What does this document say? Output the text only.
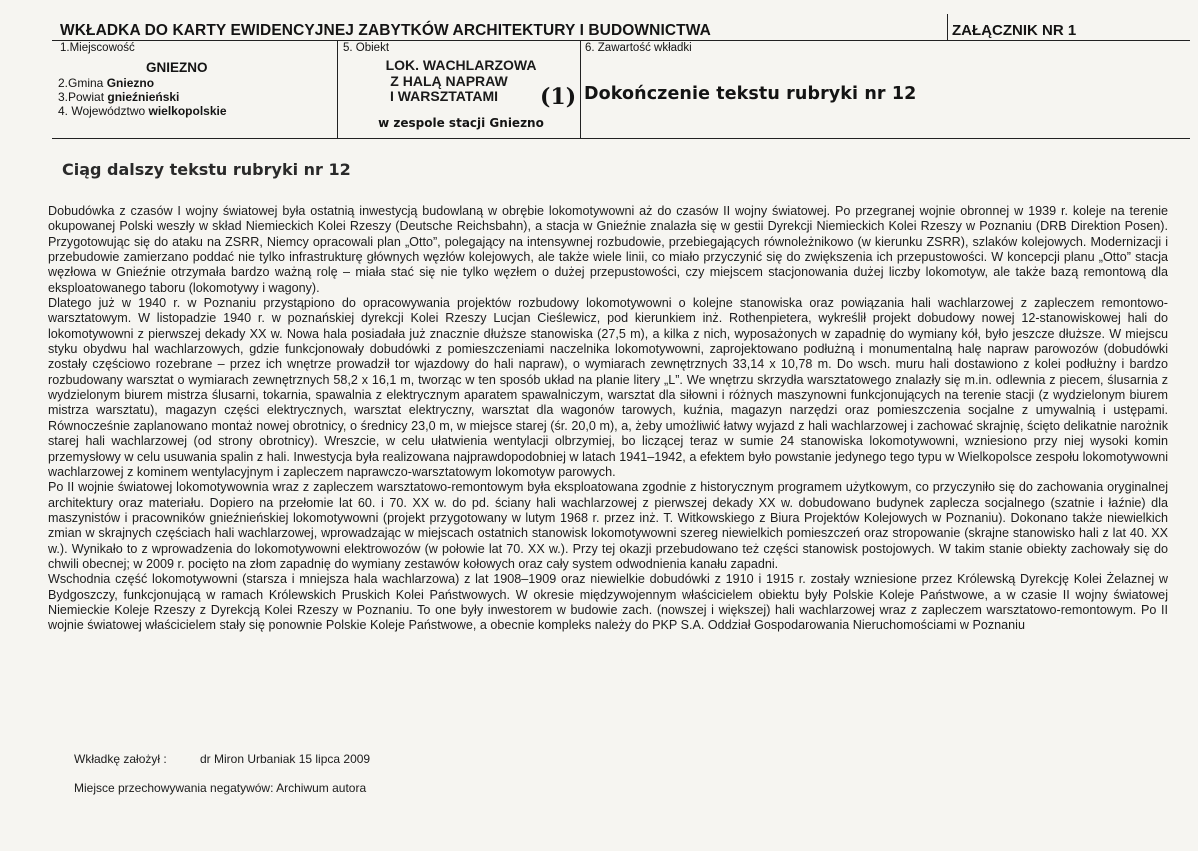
WKŁADKA DO KARTY EWIDENCYJNEJ ZABYTKÓW ARCHITEKTURY I BUDOWNICTWA	ZAŁĄCZNIK NR 1
1.Miejscowość
GNIEZNO
2.Gmina Gniezno
3.Powiat gnieźnieński
4. Województwo wielkopolskie
5. Obiekt
LOK. WACHLARZOWA
Z HALĄ NAPRAW
I WARSZTATAMI	(1)
w zespole stacji Gniezno
6. Zawartość wkładki
Dokończenie tekstu rubryki nr 12
Ciąg dalszy tekstu rubryki nr 12

Dobudówka z czasów I wojny światowej była ostatnią inwestycją budowlaną w obrębie lokomotywowni aż do czasów II wojny światowej. Po przegranej wojnie obronnej w 1939 r. koleje na terenie okupowanej Polski weszły w skład Niemieckich Kolei Rzeszy (Deutsche Reichsbahn), a stacja w Gnieźnie znalazła się w gestii Dyrekcji Niemieckich Kolei Rzeszy w Poznaniu (DRB Direktion Posen). Przygotowując się do ataku na ZSRR, Niemcy opracowali plan „Otto”, polegający na intensywnej rozbudowie, przebiegających równoleżnikowo (w kierunku ZSRR), szlaków kolejowych. Modernizacji i przebudowie zamierzano poddać nie tylko infrastrukturę głównych węzłów kolejowych, ale także wiele linii, co miało przyczynić się do zwiększenia ich przepustowości. W koncepcji planu „Otto” stacja węzłowa w Gnieźnie otrzymała bardzo ważną rolę – miała stać się nie tylko węzłem o dużej przepustowości, czy miejscem stacjonowania dużej liczby lokomotyw, ale także bazą remontową dla eksploatowanego taboru (lokomotywy i wagony).

Dlatego już w 1940 r. w Poznaniu przystąpiono do opracowywania projektów rozbudowy lokomotywowni o kolejne stanowiska oraz powiązania hali wachlarzowej z zapleczem remontowo-warsztatowym. W listopadzie 1940 r. w poznańskiej dyrekcji Kolei Rzeszy Lucjan Cieślewicz, pod kierunkiem inż. Rothenpietera, wykreślił projekt dobudowy nowej 12-stanowiskowej hali do lokomotywowni z pierwszej dekady XX w. Nowa hala posiadała już znacznie dłuższe stanowiska (27,5 m), a kilka z nich, wyposażonych w zapadnię do wymiany kół, było jeszcze dłuższe. W miejscu styku obydwu hal wachlarzowych, gdzie funkcjonowały dobudówki z pomieszczeniami naczelnika lokomotywowni, zaprojektowano podłużną i monumentalną halę napraw parowozów (dobudówki zostały częściowo rozebrane – przez ich wnętrze prowadził tor wjazdowy do hali napraw), o wymiarach zewnętrznych 33,14 x 10,78 m. Do wsch. muru hali dostawiono z kolei podłużny i bardzo rozbudowany warsztat o wymiarach zewnętrznych 58,2 x 16,1 m, tworząc w ten sposób układ na planie litery „L”. We wnętrzu skrzydła warsztatowego znalazły się m.in. odlewnia z piecem, ślusarnia z wydzielonym biurem mistrza ślusarni, tokarnia, spawalnia z elektrycznym aparatem spawalniczym, warsztat dla siłowni i różnych maszynowni funkcjonujących na terenie stacji (z wydzielonym biurem mistrza warsztatu), magazyn części elektrycznych, warsztat elektryczny, warsztat dla wagonów tarowych, kuźnia, magazyn narzędzi oraz pomieszczenia socjalne z umywalnią i ustępami. Równocześnie zaplanowano montaż nowej obrotnicy, o średnicy 23,0 m, w miejsce starej (śr. 20,0 m), a, żeby umożliwić łatwy wyjazd z hali wachlarzowej i zachować skrajnię, ścięto delikatnie narożnik starej hali wachlarzowej (od strony obrotnicy). Wreszcie, w celu ułatwienia wentylacji olbrzymiej, bo liczącej teraz w sumie 24 stanowiska lokomotywowni, wzniesiono przy niej wysoki komin przemysłowy w celu usuwania spalin z hali. Inwestycja była realizowana najprawdopodobniej w latach 1941–1942, a efektem było powstanie jedynego tego typu w Wielkopolsce zespołu lokomotywowni wachlarzowej z kominem wentylacyjnym i zapleczem naprawczo-warsztatowym lokomotyw parowych.

Po II wojnie światowej lokomotywownia wraz z zapleczem warsztatowo-remontowym była eksploatowana zgodnie z historycznym programem użytkowym, co przyczyniło się do zachowania oryginalnej architektury oraz materiału. Dopiero na przełomie lat 60. i 70. XX w. do pd. ściany hali wachlarzowej z pierwszej dekady XX w. dobudowano budynek zaplecza socjalnego (szatnie i łaźnie) dla maszynistów i pracowników gnieźnieńskiej lokomotywowni (projekt przygotowany w lutym 1968 r. przez inż. T. Witkowskiego z Biura Projektów Kolejowych w Poznaniu). Dokonano także niewielkich zmian w skrajnych częściach hali wachlarzowej, wprowadzając w miejscach ostatnich stanowisk lokomotywowni szereg niewielkich pomieszczeń oraz stropowanie (skrajne stanowisko hali z lat 40. XX w.). Wynikało to z wprowadzenia do lokomotywowni elektrowozów (w połowie lat 70. XX w.). Przy tej okazji przebudowano też części stanowisk postojowych. W takim stanie obiekty zachowały się do chwili obecnej; w 2009 r. pocięto na złom zapadnię do wymiany zestawów kołowych oraz cały system odwodnienia kanału zapadni.

Wschodnia część lokomotywowni (starsza i mniejsza hala wachlarzowa) z lat 1908–1909 oraz niewielkie dobudówki z 1910 i 1915 r. zostały wzniesione przez Królewską Dyrekcję Kolei Żelaznej w Bydgoszczy, funkcjonującą w ramach Królewskich Pruskich Kolei Państwowych. W okresie międzywojennym właścicielem obiektu były Polskie Koleje Państwowe, a w czasie II wojny światowej Niemieckie Koleje Rzeszy z Dyrekcją Kolei Rzeszy w Poznaniu. To one były inwestorem w budowie zach. (nowszej i większej) hali wachlarzowej wraz z zapleczem warsztatowo-remontowym. Po II wojnie światowej właścicielem stały się ponownie Polskie Koleje Państwowe, a obecnie kompleks należy do PKP S.A. Oddział Gospodarowania Nieruchomościami w Poznaniu

Wkładkę założył :	dr Miron Urbaniak 15 lipca 2009
Miejsce przechowywania negatywów: Archiwum autora
